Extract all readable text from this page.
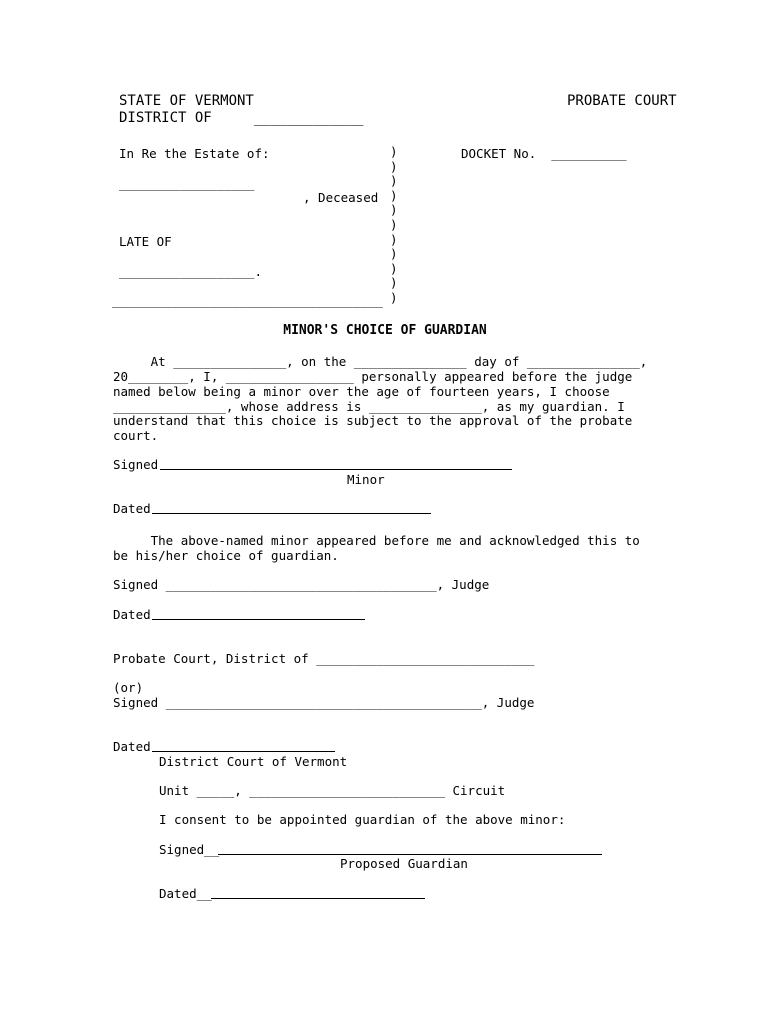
STATE OF VERMONT	PROBATE COURT
DISTRICT OF     _____________
In Re the Estate of:	DOCKET No.  __________
__________________
, Deceased
LATE OF
__________________.
____________________________________
)
)
)
)
)
)
)
)
)
)
)
MINOR'S CHOICE OF GUARDIAN
At _______________, on the _______________ day of _______________,
20________, I, _________________ personally appeared before the judge
named below being a minor over the age of fourteen years, I choose
_______________, whose address is _______________, as my guardian. I
understand that this choice is subject to the approval of the probate
court.
Signed
Minor
Dated
The above-named minor appeared before me and acknowledged this to
be his/her choice of guardian.
Signed ____________________________________, Judge
Dated
Probate Court, District of _____________________________
(or)
Signed __________________________________________, Judge
Dated
District Court of Vermont
Unit _____, __________________________ Circuit
I consent to be appointed guardian of the above minor:
Signed__
Proposed Guardian
Dated__
